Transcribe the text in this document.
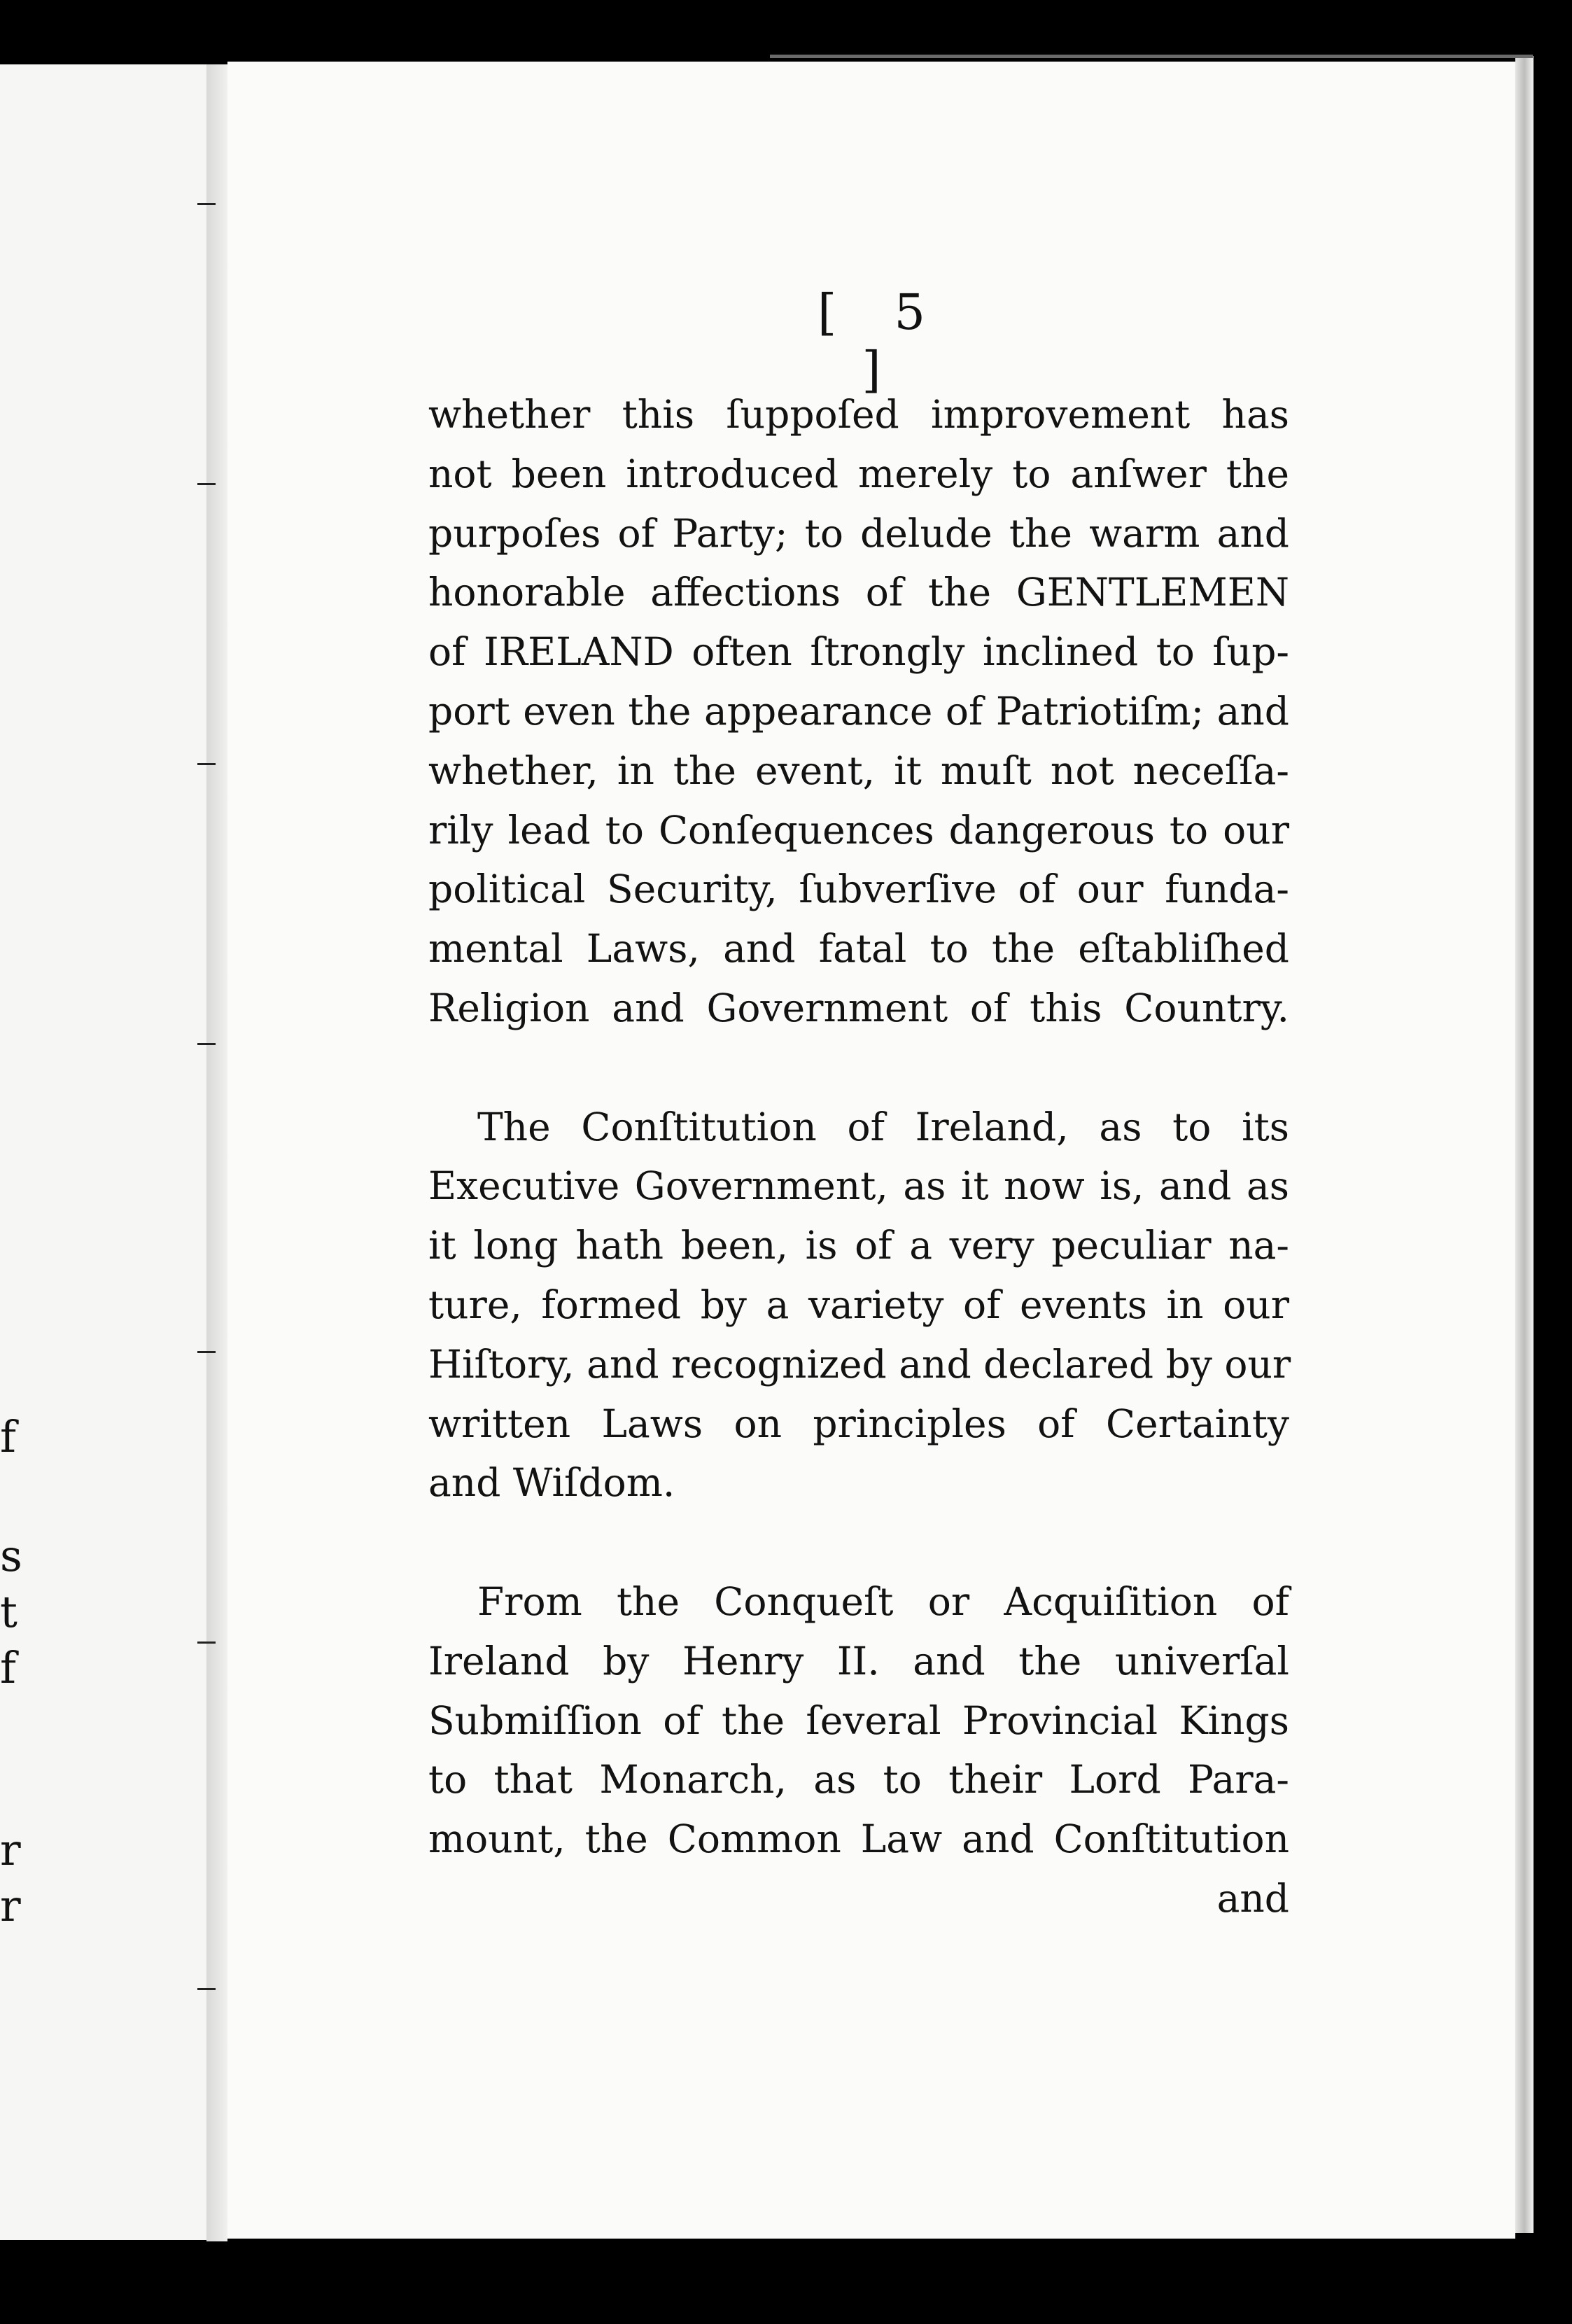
f
s
t
f
r
r
[ 5 ]
whether this ſuppoſed improvement has
not been introduced merely to anſwer the
purpoſes of Party; to delude the warm and
honorable affections of the GENTLEMEN
of IRELAND often ſtrongly inclined to ſup-
port even the appearance of Patriotiſm; and
whether, in the event, it muſt not neceſſa-
rily lead to Conſequences dangerous to our
political Security, ſubverſive of our funda-
mental Laws, and fatal to the eſtabliſhed
Religion and Government of this Country.
The Conſtitution of Ireland, as to its
Executive Government, as it now is, and as
it long hath been, is of a very peculiar na-
ture, formed by a variety of events in our
Hiſtory, and recognized and declared by our
written Laws on principles of Certainty
and Wiſdom.
From the Conqueſt or Acquiſition of
Ireland by Henry II. and the univerſal
Submiſſion of the ſeveral Provincial Kings
to that Monarch, as to their Lord Para-
mount, the Common Law and Conſtitution
and
